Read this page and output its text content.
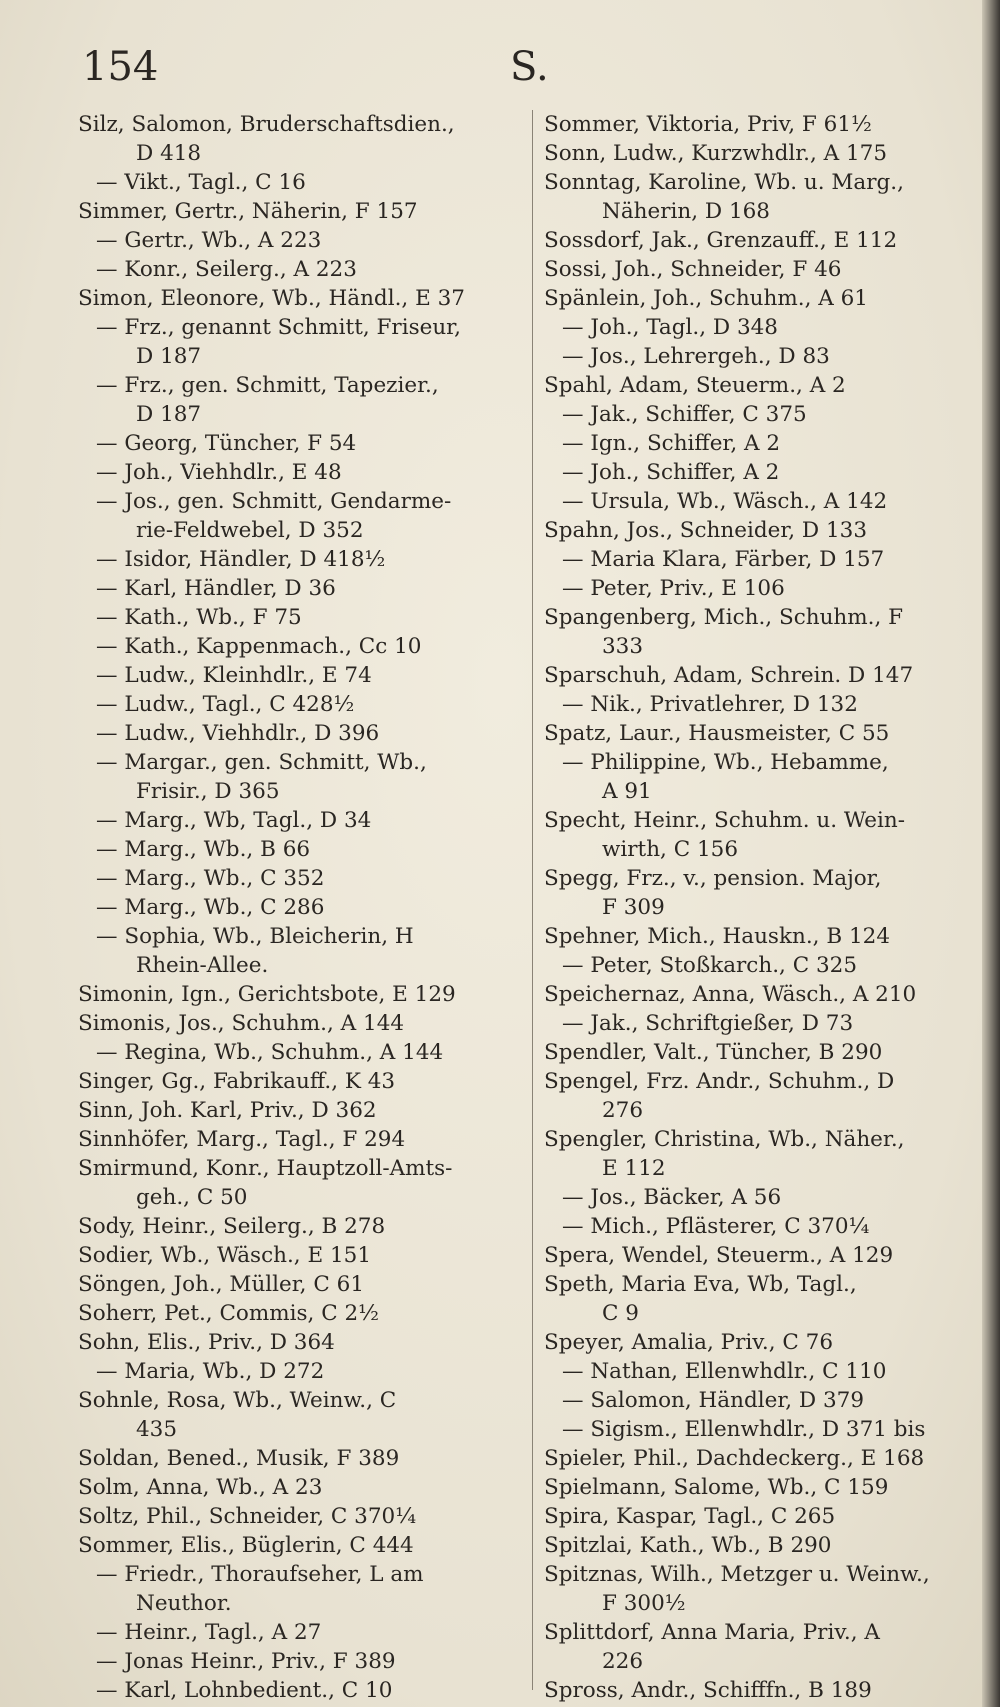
154	S.
Silz, Salomon, Bruderschaftsdien.,
D 418
— Vikt., Tagl., C 16
Simmer, Gertr., Näherin, F 157
— Gertr., Wb., A 223
— Konr., Seilerg., A 223
Simon, Eleonore, Wb., Händl., E 37
— Frz., genannt Schmitt, Friseur,
D 187
— Frz., gen. Schmitt, Tapezier.,
D 187
— Georg, Tüncher, F 54
— Joh., Viehhdlr., E 48
— Jos., gen. Schmitt, Gendarme-
rie-Feldwebel, D 352
— Isidor, Händler, D 418½
— Karl, Händler, D 36
— Kath., Wb., F 75
— Kath., Kappenmach., Cc 10
— Ludw., Kleinhdlr., E 74
— Ludw., Tagl., C 428½
— Ludw., Viehhdlr., D 396
— Margar., gen. Schmitt, Wb.,
Frisir., D 365
— Marg., Wb, Tagl., D 34
— Marg., Wb., B 66
— Marg., Wb., C 352
— Marg., Wb., C 286
— Sophia, Wb., Bleicherin, H
Rhein-Allee.
Simonin, Ign., Gerichtsbote, E 129
Simonis, Jos., Schuhm., A 144
— Regina, Wb., Schuhm., A 144
Singer, Gg., Fabrikauff., K 43
Sinn, Joh. Karl, Priv., D 362
Sinnhöfer, Marg., Tagl., F 294
Smirmund, Konr., Hauptzoll-Amts-
geh., C 50
Sody, Heinr., Seilerg., B 278
Sodier, Wb., Wäsch., E 151
Söngen, Joh., Müller, C 61
Soherr, Pet., Commis, C 2½
Sohn, Elis., Priv., D 364
— Maria, Wb., D 272
Sohnle, Rosa, Wb., Weinw., C
435
Soldan, Bened., Musik, F 389
Solm, Anna, Wb., A 23
Soltz, Phil., Schneider, C 370¼
Sommer, Elis., Büglerin, C 444
— Friedr., Thoraufseher, L am
Neuthor.
— Heinr., Tagl., A 27
— Jonas Heinr., Priv., F 389
— Karl, Lohnbedient., C 10
Sommer, Viktoria, Priv, F 61½
Sonn, Ludw., Kurzwhdlr., A 175
Sonntag, Karoline, Wb. u. Marg.,
Näherin, D 168
Sossdorf, Jak., Grenzauff., E 112
Sossi, Joh., Schneider, F 46
Spänlein, Joh., Schuhm., A 61
— Joh., Tagl., D 348
— Jos., Lehrergeh., D 83
Spahl, Adam, Steuerm., A 2
— Jak., Schiffer, C 375
— Ign., Schiffer, A 2
— Joh., Schiffer, A 2
— Ursula, Wb., Wäsch., A 142
Spahn, Jos., Schneider, D 133
— Maria Klara, Färber, D 157
— Peter, Priv., E 106
Spangenberg, Mich., Schuhm., F
333
Sparschuh, Adam, Schrein. D 147
— Nik., Privatlehrer, D 132
Spatz, Laur., Hausmeister, C 55
— Philippine, Wb., Hebamme,
A 91
Specht, Heinr., Schuhm. u. Wein-
wirth, C 156
Spegg, Frz., v., pension. Major,
F 309
Spehner, Mich., Hauskn., B 124
— Peter, Stoßkarch., C 325
Speichernaz, Anna, Wäsch., A 210
— Jak., Schriftgießer, D 73
Spendler, Valt., Tüncher, B 290
Spengel, Frz. Andr., Schuhm., D
276
Spengler, Christina, Wb., Näher.,
E 112
— Jos., Bäcker, A 56
— Mich., Pflästerer, C 370¼
Spera, Wendel, Steuerm., A 129
Speth, Maria Eva, Wb, Tagl.,
C 9
Speyer, Amalia, Priv., C 76
— Nathan, Ellenwhdlr., C 110
— Salomon, Händler, D 379
— Sigism., Ellenwhdlr., D 371 bis
Spieler, Phil., Dachdeckerg., E 168
Spielmann, Salome, Wb., C 159
Spira, Kaspar, Tagl., C 265
Spitzlai, Kath., Wb., B 290
Spitznas, Wilh., Metzger u. Weinw.,
F 300½
Splittdorf, Anna Maria, Priv., A
226
Spross, Andr., Schifffn., B 189
